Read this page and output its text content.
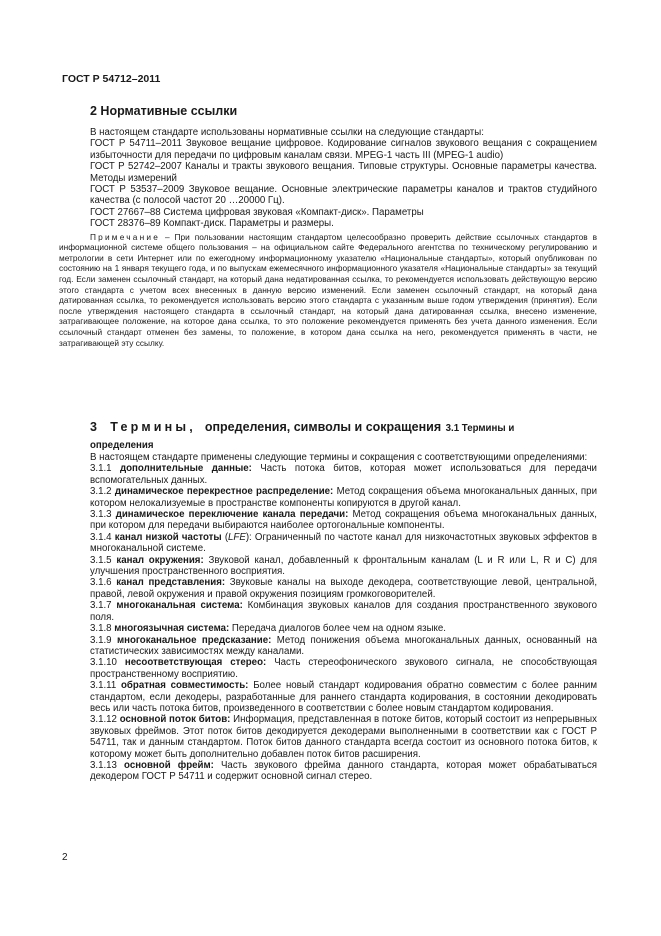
ГОСТ Р 54712–2011
2 Нормативные ссылки

В настоящем стандарте использованы нормативные ссылки на следующие стандарты:

ГОСТ Р 54711–2011 Звуковое вещание цифровое. Кодирование сигналов звукового вещания с сокращением избыточности для передачи по цифровым каналам связи. MPEG-1 часть III (MPEG-1 audio)

ГОСТ Р 52742–2007 Каналы и тракты звукового вещания. Типовые структуры. Основные параметры качества. Методы измерений

ГОСТ Р 53537–2009 Звуковое вещание. Основные электрические параметры каналов и трактов студийного качества (с полосой частот 20 …20000 Гц).

ГОСТ 27667–88 Система цифровая звуковая «Компакт-диск». Параметры

ГОСТ 28376–89 Компакт-диск. Параметры и размеры.

Примечание – При пользовании настоящим стандартом целесообразно проверить действие ссылочных стандартов в информационной системе общего пользования – на официальном сайте Федерального агентства по техническому регулированию и метрологии в сети Интернет или по ежегодному информационному указателю «Национальные стандарты», который опубликован по состоянию на 1 января текущего года, и по выпускам ежемесячного информационного указателя «Национальные стандарты» за текущий год. Если заменен ссылочный стандарт, на который дана недатированная ссылка, то рекомендуется использовать действующую версию этого стандарта с учетом всех внесенных в данную версию изменений. Если заменен ссылочный стандарт, на который дана датированная ссылка, то рекомендуется использовать версию этого стандарта с указанным выше годом утверждения (принятия). Если после утверждения настоящего стандарта в ссылочный стандарт, на который дана датированная ссылка, внесено изменение, затрагивающее положение, на которое дана ссылка, то это положение рекомендуется применять без учета данного изменения. Если ссылочный стандарт отменен без замены, то положение, в котором дана ссылка на него, рекомендуется применять в части, не затрагивающей эту ссылку.

3 Термины, определения, символы и сокращения 3.1 Термины и
определения

В настоящем стандарте применены следующие термины и сокращения с соответствующими определениями:

3.1.1 дополнительные данные: Часть потока битов, которая может использоваться для передачи вспомогательных данных.

3.1.2 динамическое перекрестное распределение: Метод сокращения объема многоканальных данных, при котором нелокализуемые в пространстве компоненты копируются в другой канал.

3.1.3 динамическое переключение канала передачи: Метод сокращения объема многоканальных данных, при котором для передачи выбираются наиболее ортогональные компоненты.

3.1.4 канал низкой частоты (LFE): Ограниченный по частоте канал для низкочастотных звуковых эффектов в многоканальной системе.

3.1.5 канал окружения: Звуковой канал, добавленный к фронтальным каналам (L и R или L, R и C) для улучшения пространственного восприятия.

3.1.6 канал представления: Звуковые каналы на выходе декодера, соответствующие левой, центральной, правой, левой окружения и правой окружения позициям громкоговорителей.

3.1.7 многоканальная система: Комбинация звуковых каналов для создания пространственного звукового поля.

3.1.8 многоязычная система: Передача диалогов более чем на одном языке.

3.1.9 многоканальное предсказание: Метод понижения объема многоканальных данных, основанный на статистических зависимостях между каналами.

3.1.10 несоответствующая стерео: Часть стереофонического звукового сигнала, не способствующая пространственному восприятию.

3.1.11 обратная совместимость: Более новый стандарт кодирования обратно совместим с более ранним стандартом, если декодеры, разработанные для раннего стандарта кодирования, в состоянии декодировать весь или часть потока битов, произведенного в соответствии с более новым стандартом кодирования.

3.1.12 основной поток битов: Информация, представленная в потоке битов, который состоит из непрерывных звуковых фреймов. Этот поток битов декодируется декодерами выполненными в соответствии как с ГОСТ Р 54711, так и данным стандартом. Поток битов данного стандарта всегда состоит из основного потока битов, к которому может быть дополнительно добавлен поток битов расширения.

3.1.13 основной фрейм: Часть звукового фрейма данного стандарта, которая может обрабатываться декодером ГОСТ Р 54711 и содержит основной сигнал стерео.

2
